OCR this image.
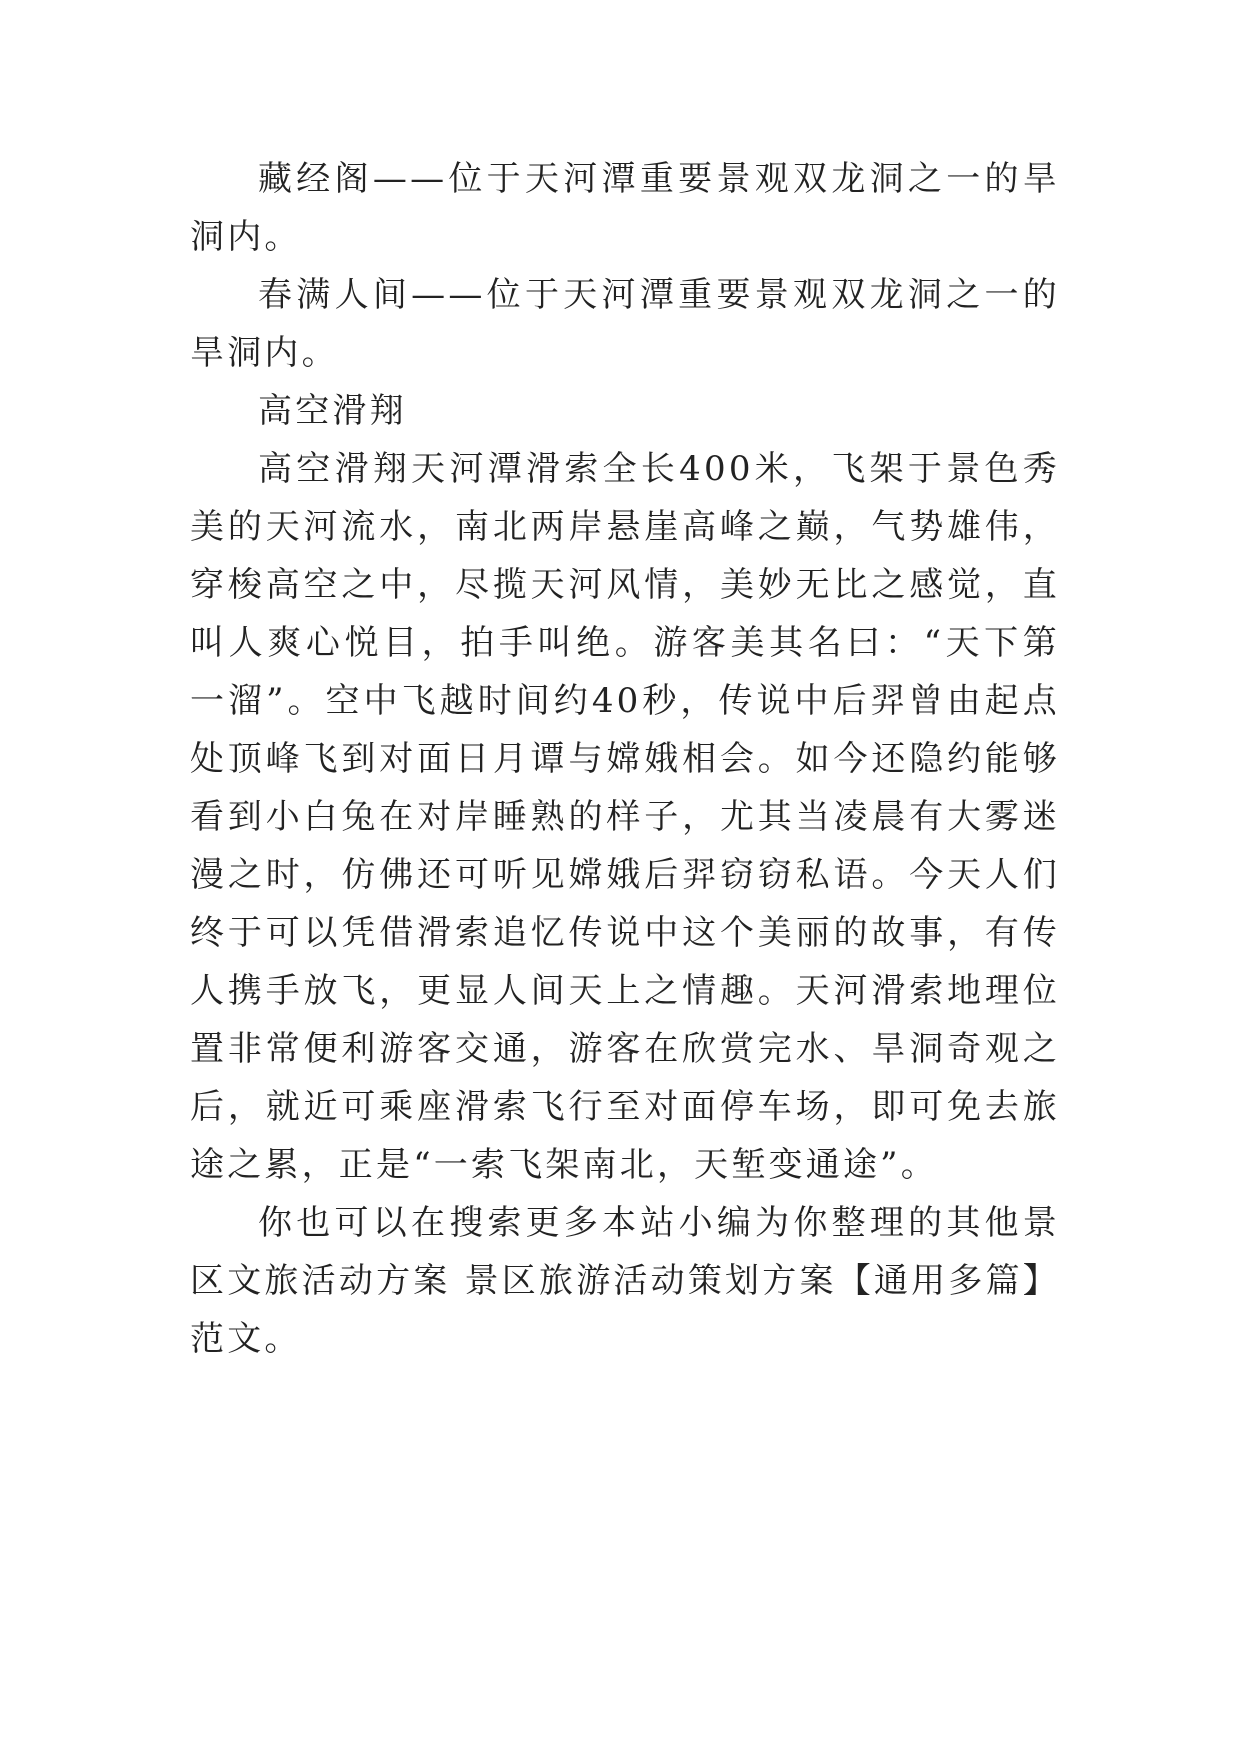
藏经阁——位于天河潭重要景观双龙洞之一的旱洞内。

春满人间——位于天河潭重要景观双龙洞之一的旱洞内。

高空滑翔

高空滑翔天河潭滑索全长400米，飞架于景色秀美的天河流水，南北两岸悬崖高峰之巅，气势雄伟，穿梭高空之中，尽揽天河风情，美妙无比之感觉，直叫人爽心悦目，拍手叫绝。游客美其名曰：“天下第一溜”。空中飞越时间约40秒，传说中后羿曾由起点处顶峰飞到对面日月谭与嫦娥相会。如今还隐约能够看到小白兔在对岸睡熟的样子，尤其当凌晨有大雾迷漫之时，仿佛还可听见嫦娥后羿窃窃私语。今天人们终于可以凭借滑索追忆传说中这个美丽的故事，有传人携手放飞，更显人间天上之情趣。天河滑索地理位置非常便利游客交通，游客在欣赏完水、旱洞奇观之后，就近可乘座滑索飞行至对面停车场，即可免去旅途之累，正是“一索飞架南北，天堑变通途”。

你也可以在搜索更多本站小编为你整理的其他景区文旅活动方案 景区旅游活动策划方案【通用多篇】范文。
